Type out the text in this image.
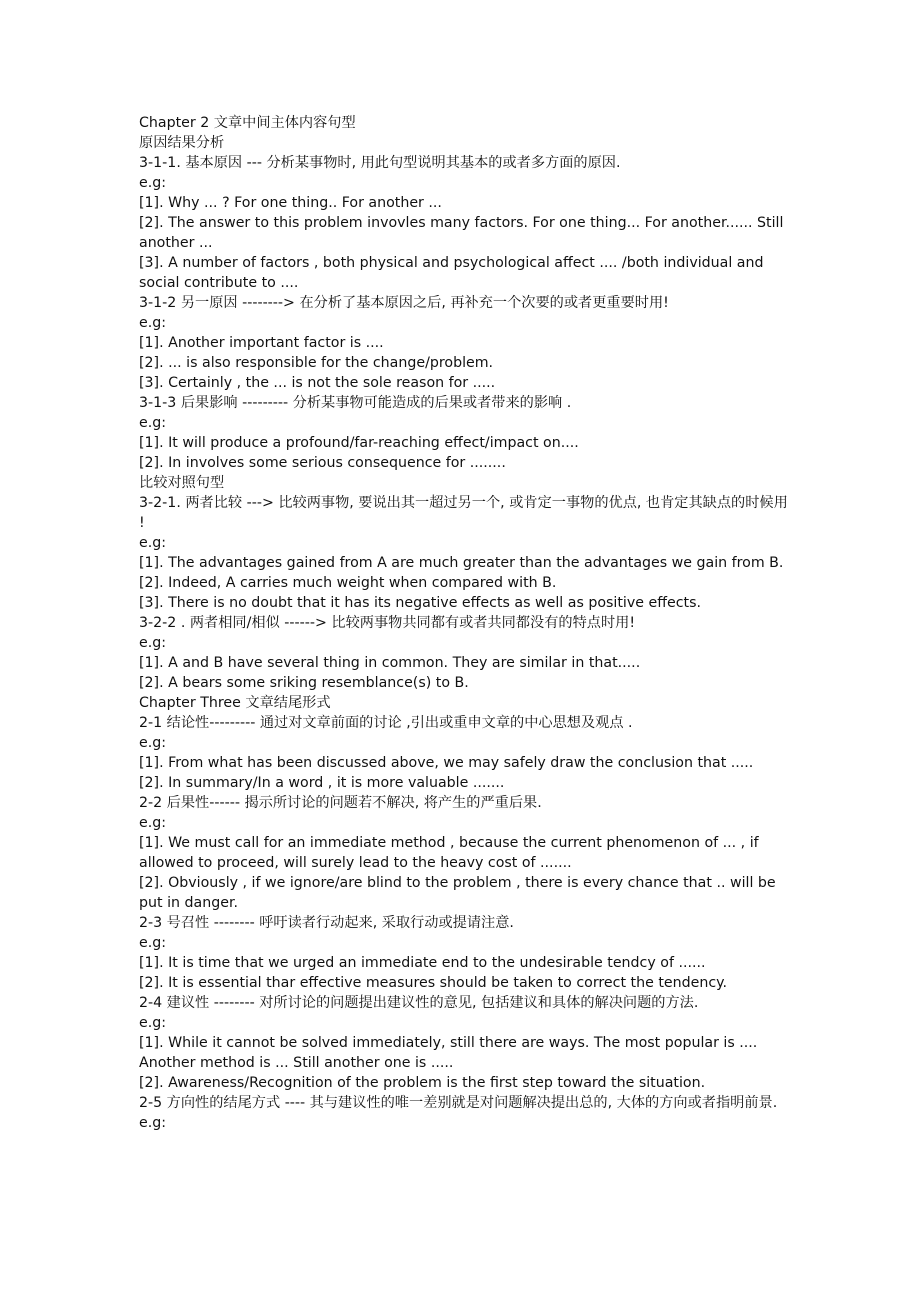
Chapter 2 文章中间主体内容句型

原因结果分析

3-1-1. 基本原因 --- 分析某事物时, 用此句型说明其基本的或者多方面的原因.

e.g:

[1]. Why ... ? For one thing.. For another ...

[2]. The answer to this problem invovles many factors. For one thing... For another...... Still another ...

[3]. A number of factors , both physical and psychological affect .... /both individual and social contribute to ....

3-1-2 另一原因 --------> 在分析了基本原因之后, 再补充一个次要的或者更重要时用!

e.g:

[1]. Another important factor is ....

[2]. ... is also responsible for the change/problem.

[3]. Certainly , the ... is not the sole reason for .....

3-1-3 后果影响 --------- 分析某事物可能造成的后果或者带来的影响 .

e.g:

[1]. It will produce a profound/far-reaching effect/impact on....

[2]. In involves some serious consequence for ........

比较对照句型

3-2-1. 两者比较 ---> 比较两事物, 要说出其一超过另一个, 或肯定一事物的优点, 也肯定其缺点的时候用 !

e.g:

[1]. The advantages gained from A are much greater than the advantages we gain from B.

[2]. Indeed, A carries much weight when compared with B.

[3]. There is no doubt that it has its negative effects as well as positive effects.

3-2-2 . 两者相同/相似 ------> 比较两事物共同都有或者共同都没有的特点时用!

e.g:

[1]. A and B have several thing in common. They are similar in that.....

[2]. A bears some sriking resemblance(s) to B.

Chapter Three 文章结尾形式

2-1 结论性--------- 通过对文章前面的讨论 ,引出或重申文章的中心思想及观点 .

e.g:

[1]. From what has been discussed above, we may safely draw the conclusion that .....

[2]. In summary/In a word , it is more valuable .......

2-2 后果性------ 揭示所讨论的问题若不解决, 将产生的严重后果.

e.g:

[1]. We must call for an immediate method , because the current phenomenon of ... , if allowed to proceed, will surely lead to the heavy cost of .......

[2]. Obviously , if we ignore/are blind to the problem , there is every chance that .. will be put in danger.

2-3 号召性 -------- 呼吁读者行动起来, 采取行动或提请注意.

e.g:

[1]. It is time that we urged an immediate end to the undesirable tendcy of ......

[2]. It is essential thar effective measures should be taken to correct the tendency.

2-4 建议性 -------- 对所讨论的问题提出建议性的意见, 包括建议和具体的解决问题的方法.

e.g:

[1]. While it cannot be solved immediately, still there are ways. The most popular is .... Another method is ... Still another one is .....

[2]. Awareness/Recognition of the problem is the first step toward the situation.

2-5 方向性的结尾方式 ---- 其与建议性的唯一差别就是对问题解决提出总的, 大体的方向或者指明前景.

e.g:
